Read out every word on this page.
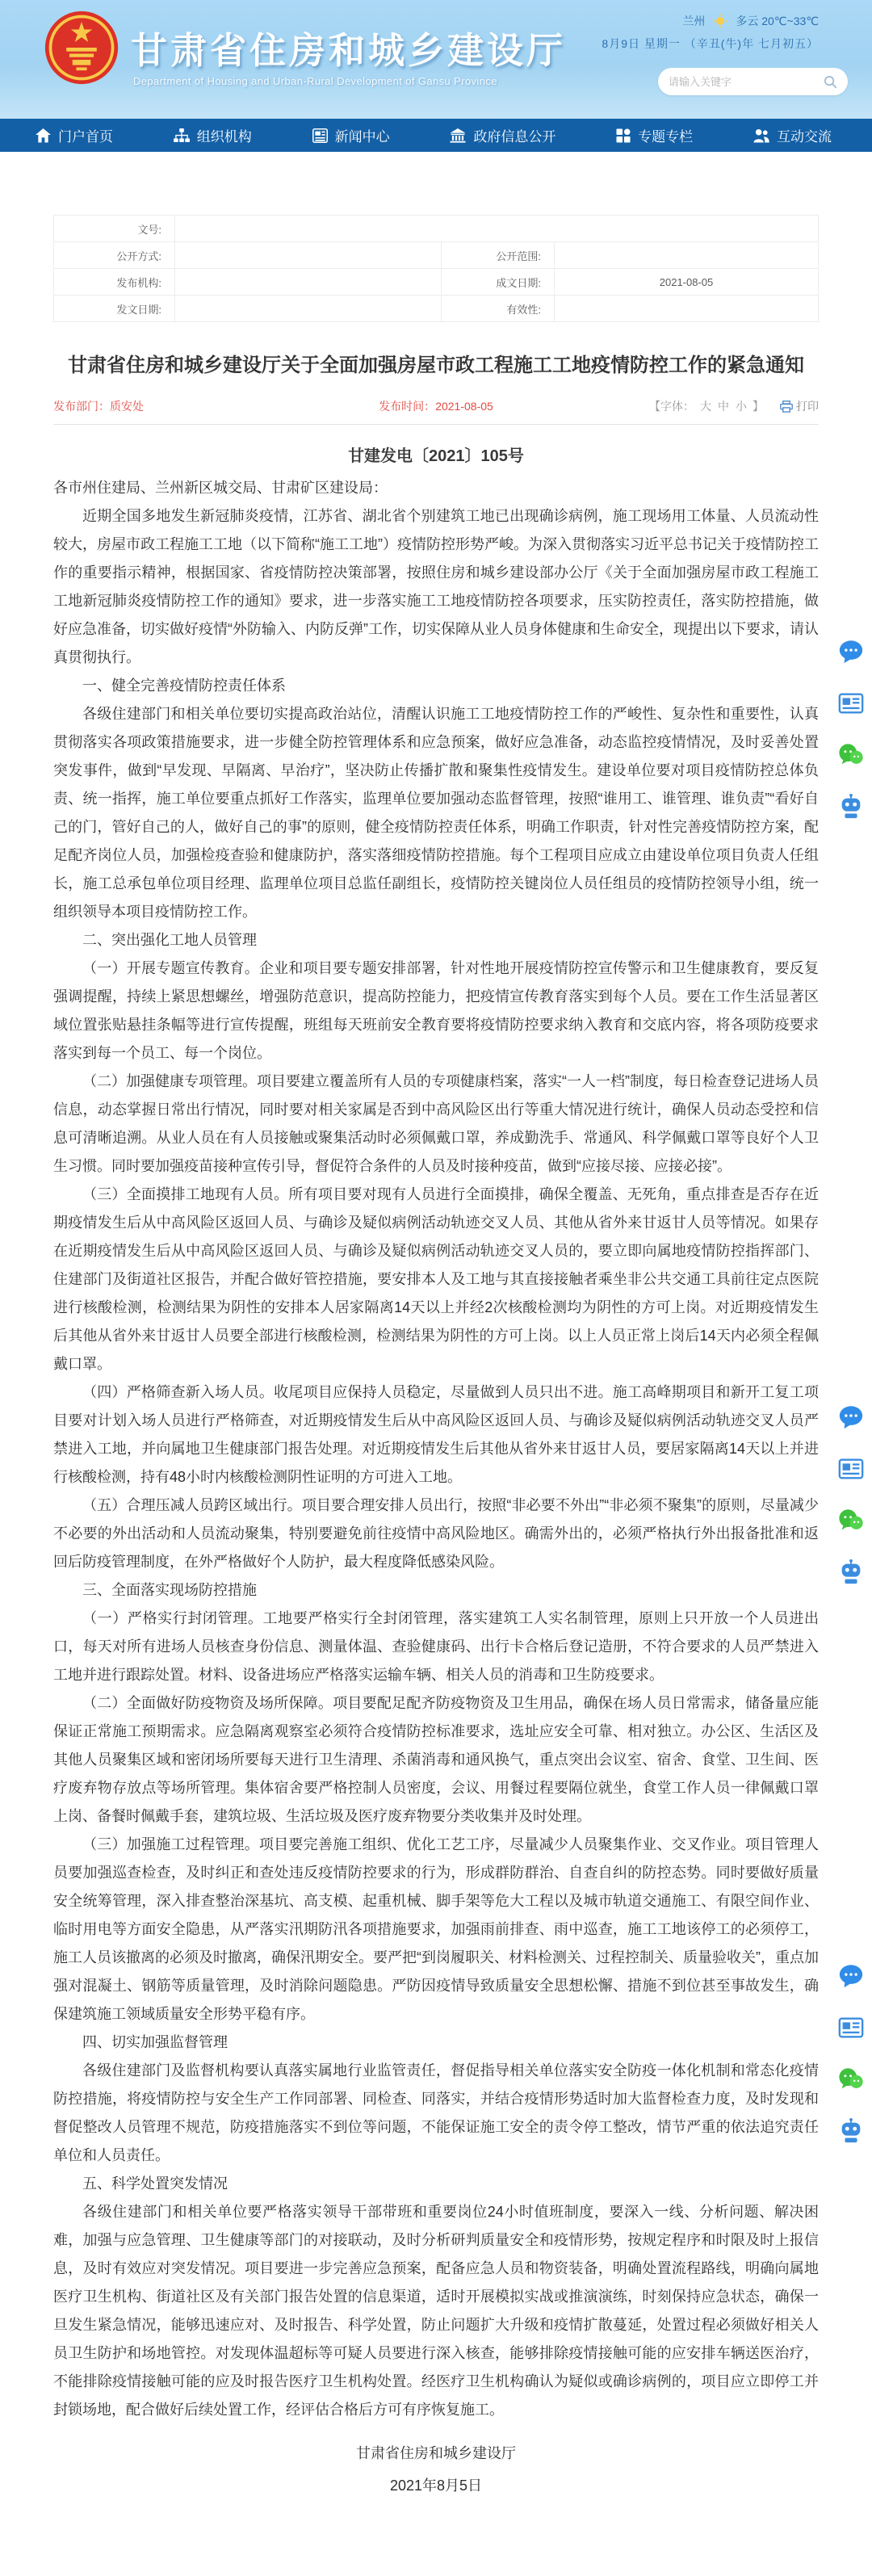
甘肃省住房和城乡建设厅
Department of Housing and Urban-Rural Development of Gansu Province
兰州	多云 20℃~33℃
8月9日 星期一 （辛丑(牛)年 七月初五）
请输入关键字
门户首页	组织机构	新闻中心	政府信息公开	专题专栏	互动交流
文号:			
公开方式:		公开范围:	
发布机构:		成文日期:	2021-08-05
发文日期:		有效性:	
甘肃省住房和城乡建设厅关于全面加强房屋市政工程施工工地疫情防控工作的紧急通知
发布部门：质安处	发布时间：2021-08-05	【字体： 大 中 小 】	打印
甘建发电〔2021〕105号

各市州住建局、兰州新区城交局、甘肃矿区建设局：

近期全国多地发生新冠肺炎疫情，江苏省、湖北省个别建筑工地已出现确诊病例，施工现场用工体量、人员流动性较大，房屋市政工程施工工地（以下简称“施工工地”）疫情防控形势严峻。为深入贯彻落实习近平总书记关于疫情防控工作的重要指示精神，根据国家、省疫情防控决策部署，按照住房和城乡建设部办公厅《关于全面加强房屋市政工程施工工地新冠肺炎疫情防控工作的通知》要求，进一步落实施工工地疫情防控各项要求，压实防控责任，落实防控措施，做好应急准备，切实做好疫情“外防输入、内防反弹”工作，切实保障从业人员身体健康和生命安全，现提出以下要求，请认真贯彻执行。

一、健全完善疫情防控责任体系

各级住建部门和相关单位要切实提高政治站位，清醒认识施工工地疫情防控工作的严峻性、复杂性和重要性，认真贯彻落实各项政策措施要求，进一步健全防控管理体系和应急预案，做好应急准备，动态监控疫情情况，及时妥善处置突发事件，做到“早发现、早隔离、早治疗”，坚决防止传播扩散和聚集性疫情发生。建设单位要对项目疫情防控总体负责、统一指挥，施工单位要重点抓好工作落实，监理单位要加强动态监督管理，按照“谁用工、谁管理、谁负责”“看好自己的门，管好自己的人，做好自己的事”的原则，健全疫情防控责任体系，明确工作职责，针对性完善疫情防控方案，配足配齐岗位人员，加强检疫查验和健康防护，落实落细疫情防控措施。每个工程项目应成立由建设单位项目负责人任组长，施工总承包单位项目经理、监理单位项目总监任副组长，疫情防控关键岗位人员任组员的疫情防控领导小组，统一组织领导本项目疫情防控工作。

二、突出强化工地人员管理

（一）开展专题宣传教育。企业和项目要专题安排部署，针对性地开展疫情防控宣传警示和卫生健康教育，要反复强调提醒，持续上紧思想螺丝，增强防范意识，提高防控能力，把疫情宣传教育落实到每个人员。要在工作生活显著区域位置张贴悬挂条幅等进行宣传提醒，班组每天班前安全教育要将疫情防控要求纳入教育和交底内容，将各项防疫要求落实到每一个员工、每一个岗位。

（二）加强健康专项管理。项目要建立覆盖所有人员的专项健康档案，落实“一人一档”制度，每日检查登记进场人员信息，动态掌握日常出行情况，同时要对相关家属是否到中高风险区出行等重大情况进行统计，确保人员动态受控和信息可清晰追溯。从业人员在有人员接触或聚集活动时必须佩戴口罩，养成勤洗手、常通风、科学佩戴口罩等良好个人卫生习惯。同时要加强疫苗接种宣传引导，督促符合条件的人员及时接种疫苗，做到“应接尽接、应接必接”。

（三）全面摸排工地现有人员。所有项目要对现有人员进行全面摸排，确保全覆盖、无死角，重点排查是否存在近期疫情发生后从中高风险区返回人员、与确诊及疑似病例活动轨迹交叉人员、其他从省外来甘返甘人员等情况。如果存在近期疫情发生后从中高风险区返回人员、与确诊及疑似病例活动轨迹交叉人员的，要立即向属地疫情防控指挥部门、住建部门及街道社区报告，并配合做好管控措施，要安排本人及工地与其直接接触者乘坐非公共交通工具前往定点医院进行核酸检测，检测结果为阴性的安排本人居家隔离14天以上并经2次核酸检测均为阴性的方可上岗。对近期疫情发生后其他从省外来甘返甘人员要全部进行核酸检测，检测结果为阴性的方可上岗。以上人员正常上岗后14天内必须全程佩戴口罩。

（四）严格筛查新入场人员。收尾项目应保持人员稳定，尽量做到人员只出不进。施工高峰期项目和新开工复工项目要对计划入场人员进行严格筛查，对近期疫情发生后从中高风险区返回人员、与确诊及疑似病例活动轨迹交叉人员严禁进入工地，并向属地卫生健康部门报告处理。对近期疫情发生后其他从省外来甘返甘人员，要居家隔离14天以上并进行核酸检测，持有48小时内核酸检测阴性证明的方可进入工地。

（五）合理压减人员跨区域出行。项目要合理安排人员出行，按照“非必要不外出”“非必须不聚集”的原则，尽量减少不必要的外出活动和人员流动聚集，特别要避免前往疫情中高风险地区。确需外出的，必须严格执行外出报备批准和返回后防疫管理制度，在外严格做好个人防护，最大程度降低感染风险。

三、全面落实现场防控措施

（一）严格实行封闭管理。工地要严格实行全封闭管理，落实建筑工人实名制管理，原则上只开放一个人员进出口，每天对所有进场人员核查身份信息、测量体温、查验健康码、出行卡合格后登记造册，不符合要求的人员严禁进入工地并进行跟踪处置。材料、设备进场应严格落实运输车辆、相关人员的消毒和卫生防疫要求。

（二）全面做好防疫物资及场所保障。项目要配足配齐防疫物资及卫生用品，确保在场人员日常需求，储备量应能保证正常施工预期需求。应急隔离观察室必须符合疫情防控标准要求，选址应安全可靠、相对独立。办公区、生活区及其他人员聚集区域和密闭场所要每天进行卫生清理、杀菌消毒和通风换气，重点突出会议室、宿舍、食堂、卫生间、医疗废弃物存放点等场所管理。集体宿舍要严格控制人员密度，会议、用餐过程要隔位就坐，食堂工作人员一律佩戴口罩上岗、备餐时佩戴手套，建筑垃圾、生活垃圾及医疗废弃物要分类收集并及时处理。

（三）加强施工过程管理。项目要完善施工组织、优化工艺工序，尽量减少人员聚集作业、交叉作业。项目管理人员要加强巡查检查，及时纠正和查处违反疫情防控要求的行为，形成群防群治、自查自纠的防控态势。同时要做好质量安全统筹管理，深入排查整治深基坑、高支模、起重机械、脚手架等危大工程以及城市轨道交通施工、有限空间作业、临时用电等方面安全隐患，从严落实汛期防汛各项措施要求，加强雨前排查、雨中巡查，施工工地该停工的必须停工，施工人员该撤离的必须及时撤离，确保汛期安全。要严把“到岗履职关、材料检测关、过程控制关、质量验收关”，重点加强对混凝土、钢筋等质量管理，及时消除问题隐患。严防因疫情导致质量安全思想松懈、措施不到位甚至事故发生，确保建筑施工领域质量安全形势平稳有序。

四、切实加强监督管理

各级住建部门及监督机构要认真落实属地行业监管责任，督促指导相关单位落实安全防疫一体化机制和常态化疫情防控措施，将疫情防控与安全生产工作同部署、同检查、同落实，并结合疫情形势适时加大监督检查力度，及时发现和督促整改人员管理不规范，防疫措施落实不到位等问题，不能保证施工安全的责令停工整改，情节严重的依法追究责任单位和人员责任。

五、科学处置突发情况

各级住建部门和相关单位要严格落实领导干部带班和重要岗位24小时值班制度，要深入一线、分析问题、解决困难，加强与应急管理、卫生健康等部门的对接联动，及时分析研判质量安全和疫情形势，按规定程序和时限及时上报信息，及时有效应对突发情况。项目要进一步完善应急预案，配备应急人员和物资装备，明确处置流程路线，明确向属地医疗卫生机构、街道社区及有关部门报告处置的信息渠道，适时开展模拟实战或推演演练，时刻保持应急状态，确保一旦发生紧急情况，能够迅速应对、及时报告、科学处置，防止问题扩大升级和疫情扩散蔓延，处置过程必须做好相关人员卫生防护和场地管控。对发现体温超标等可疑人员要进行深入核查，能够排除疫情接触可能的应安排车辆送医治疗，不能排除疫情接触可能的应及时报告医疗卫生机构处置。经医疗卫生机构确认为疑似或确诊病例的，项目应立即停工并封锁场地，配合做好后续处置工作，经评估合格后方可有序恢复施工。

甘肃省住房和城乡建设厅
2021年8月5日
